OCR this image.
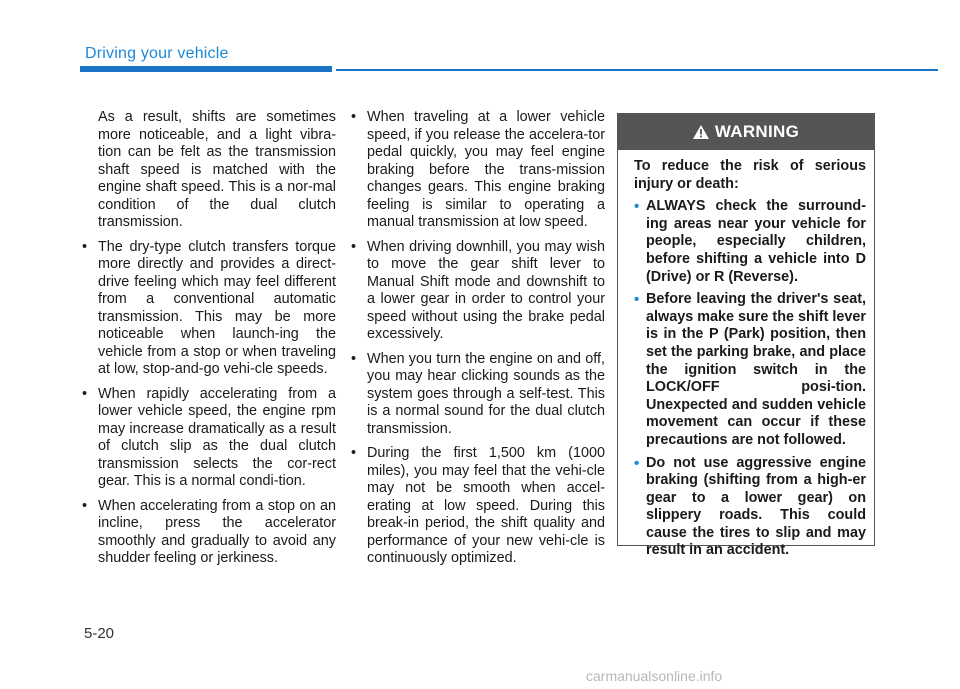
Driving your vehicle

As a result, shifts are sometimes more noticeable, and a light vibra-tion can be felt as the transmission shaft speed is matched with the engine shaft speed. This is a nor-mal condition of the dual clutch transmission.

• The dry-type clutch transfers torque more directly and provides a direct-drive feeling which may feel different from a conventional automatic transmission. This may be more noticeable when launch-ing the vehicle from a stop or when traveling at low, stop-and-go vehi-cle speeds.
• When rapidly accelerating from a lower vehicle speed, the engine rpm may increase dramatically as a result of clutch slip as the dual clutch transmission selects the cor-rect gear. This is a normal condi-tion.
• When accelerating from a stop on an incline, press the accelerator smoothly and gradually to avoid any shudder feeling or jerkiness.
• When traveling at a lower vehicle speed, if you release the accelera-tor pedal quickly, you may feel engine braking before the trans-mission changes gears. This engine braking feeling is similar to operating a manual transmission at low speed.
• When driving downhill, you may wish to move the gear shift lever to Manual Shift mode and downshift to a lower gear in order to control your speed without using the brake pedal excessively.
• When you turn the engine on and off, you may hear clicking sounds as the system goes through a self-test. This is a normal sound for the dual clutch transmission.
• During the first 1,500 km (1000 miles), you may feel that the vehi-cle may not be smooth when accel-erating at low speed. During this break-in period, the shift quality and performance of your new vehi-cle is continuously optimized.
WARNING

To reduce the risk of serious injury or death:

• ALWAYS check the surround-ing areas near your vehicle for people, especially children, before shifting a vehicle into D (Drive) or R (Reverse).
• Before leaving the driver's seat, always make sure the shift lever is in the P (Park) position, then set the parking brake, and place the ignition switch in the LOCK/OFF posi-tion. Unexpected and sudden vehicle movement can occur if these precautions are not followed.
• Do not use aggressive engine braking (shifting from a high-er gear to a lower gear) on slippery roads. This could cause the tires to slip and may result in an accident.
5-20
carmanualsonline.info
